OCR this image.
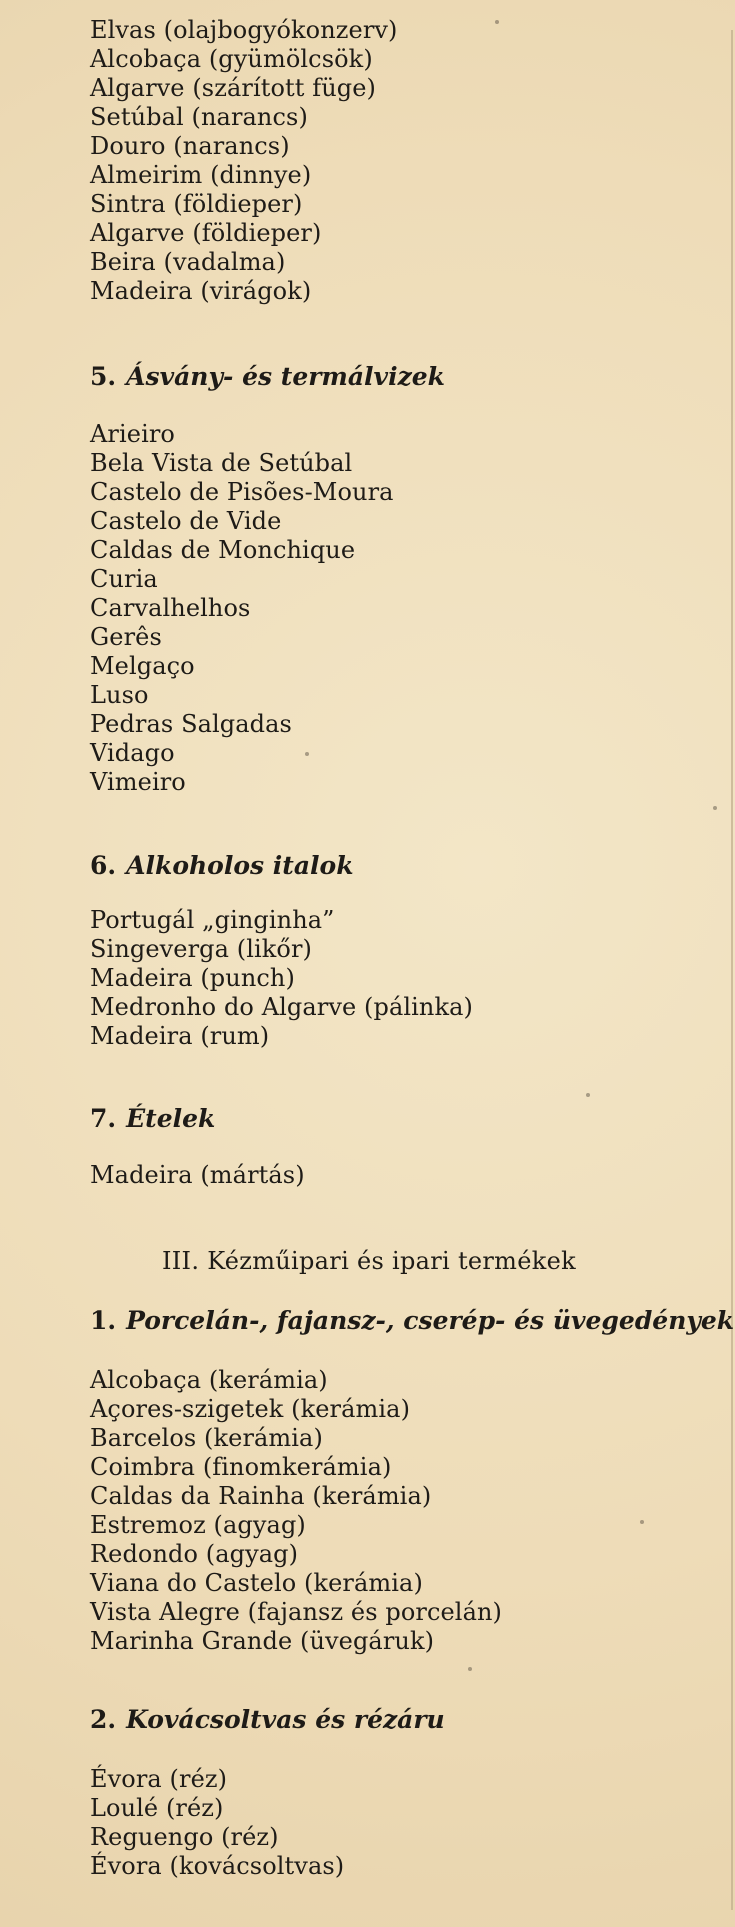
Elvas (olajbogyókonzerv)
Alcobaça (gyümölcsök)
Algarve (szárított füge)
Setúbal (narancs)
Douro (narancs)
Almeirim (dinnye)
Sintra (földieper)
Algarve (földieper)
Beira (vadalma)
Madeira (virágok)
5. Ásvány- és termálvizek
Arieiro
Bela Vista de Setúbal
Castelo de Pisões-Moura
Castelo de Vide
Caldas de Monchique
Curia
Carvalhelhos
Gerês
Melgaço
Luso
Pedras Salgadas
Vidago
Vimeiro
6. Alkoholos italok
Portugál „ginginha”
Singeverga (likőr)
Madeira (punch)
Medronho do Algarve (pálinka)
Madeira (rum)
7. Ételek
Madeira (mártás)
III. Kézműipari és ipari termékek
1. Porcelán-, fajansz-, cserép- és üvegedények
Alcobaça (kerámia)
Açores-szigetek (kerámia)
Barcelos (kerámia)
Coimbra (finomkerámia)
Caldas da Rainha (kerámia)
Estremoz (agyag)
Redondo (agyag)
Viana do Castelo (kerámia)
Vista Alegre (fajansz és porcelán)
Marinha Grande (üvegáruk)
2. Kovácsoltvas és rézáru
Évora (réz)
Loulé (réz)
Reguengo (réz)
Évora (kovácsoltvas)
